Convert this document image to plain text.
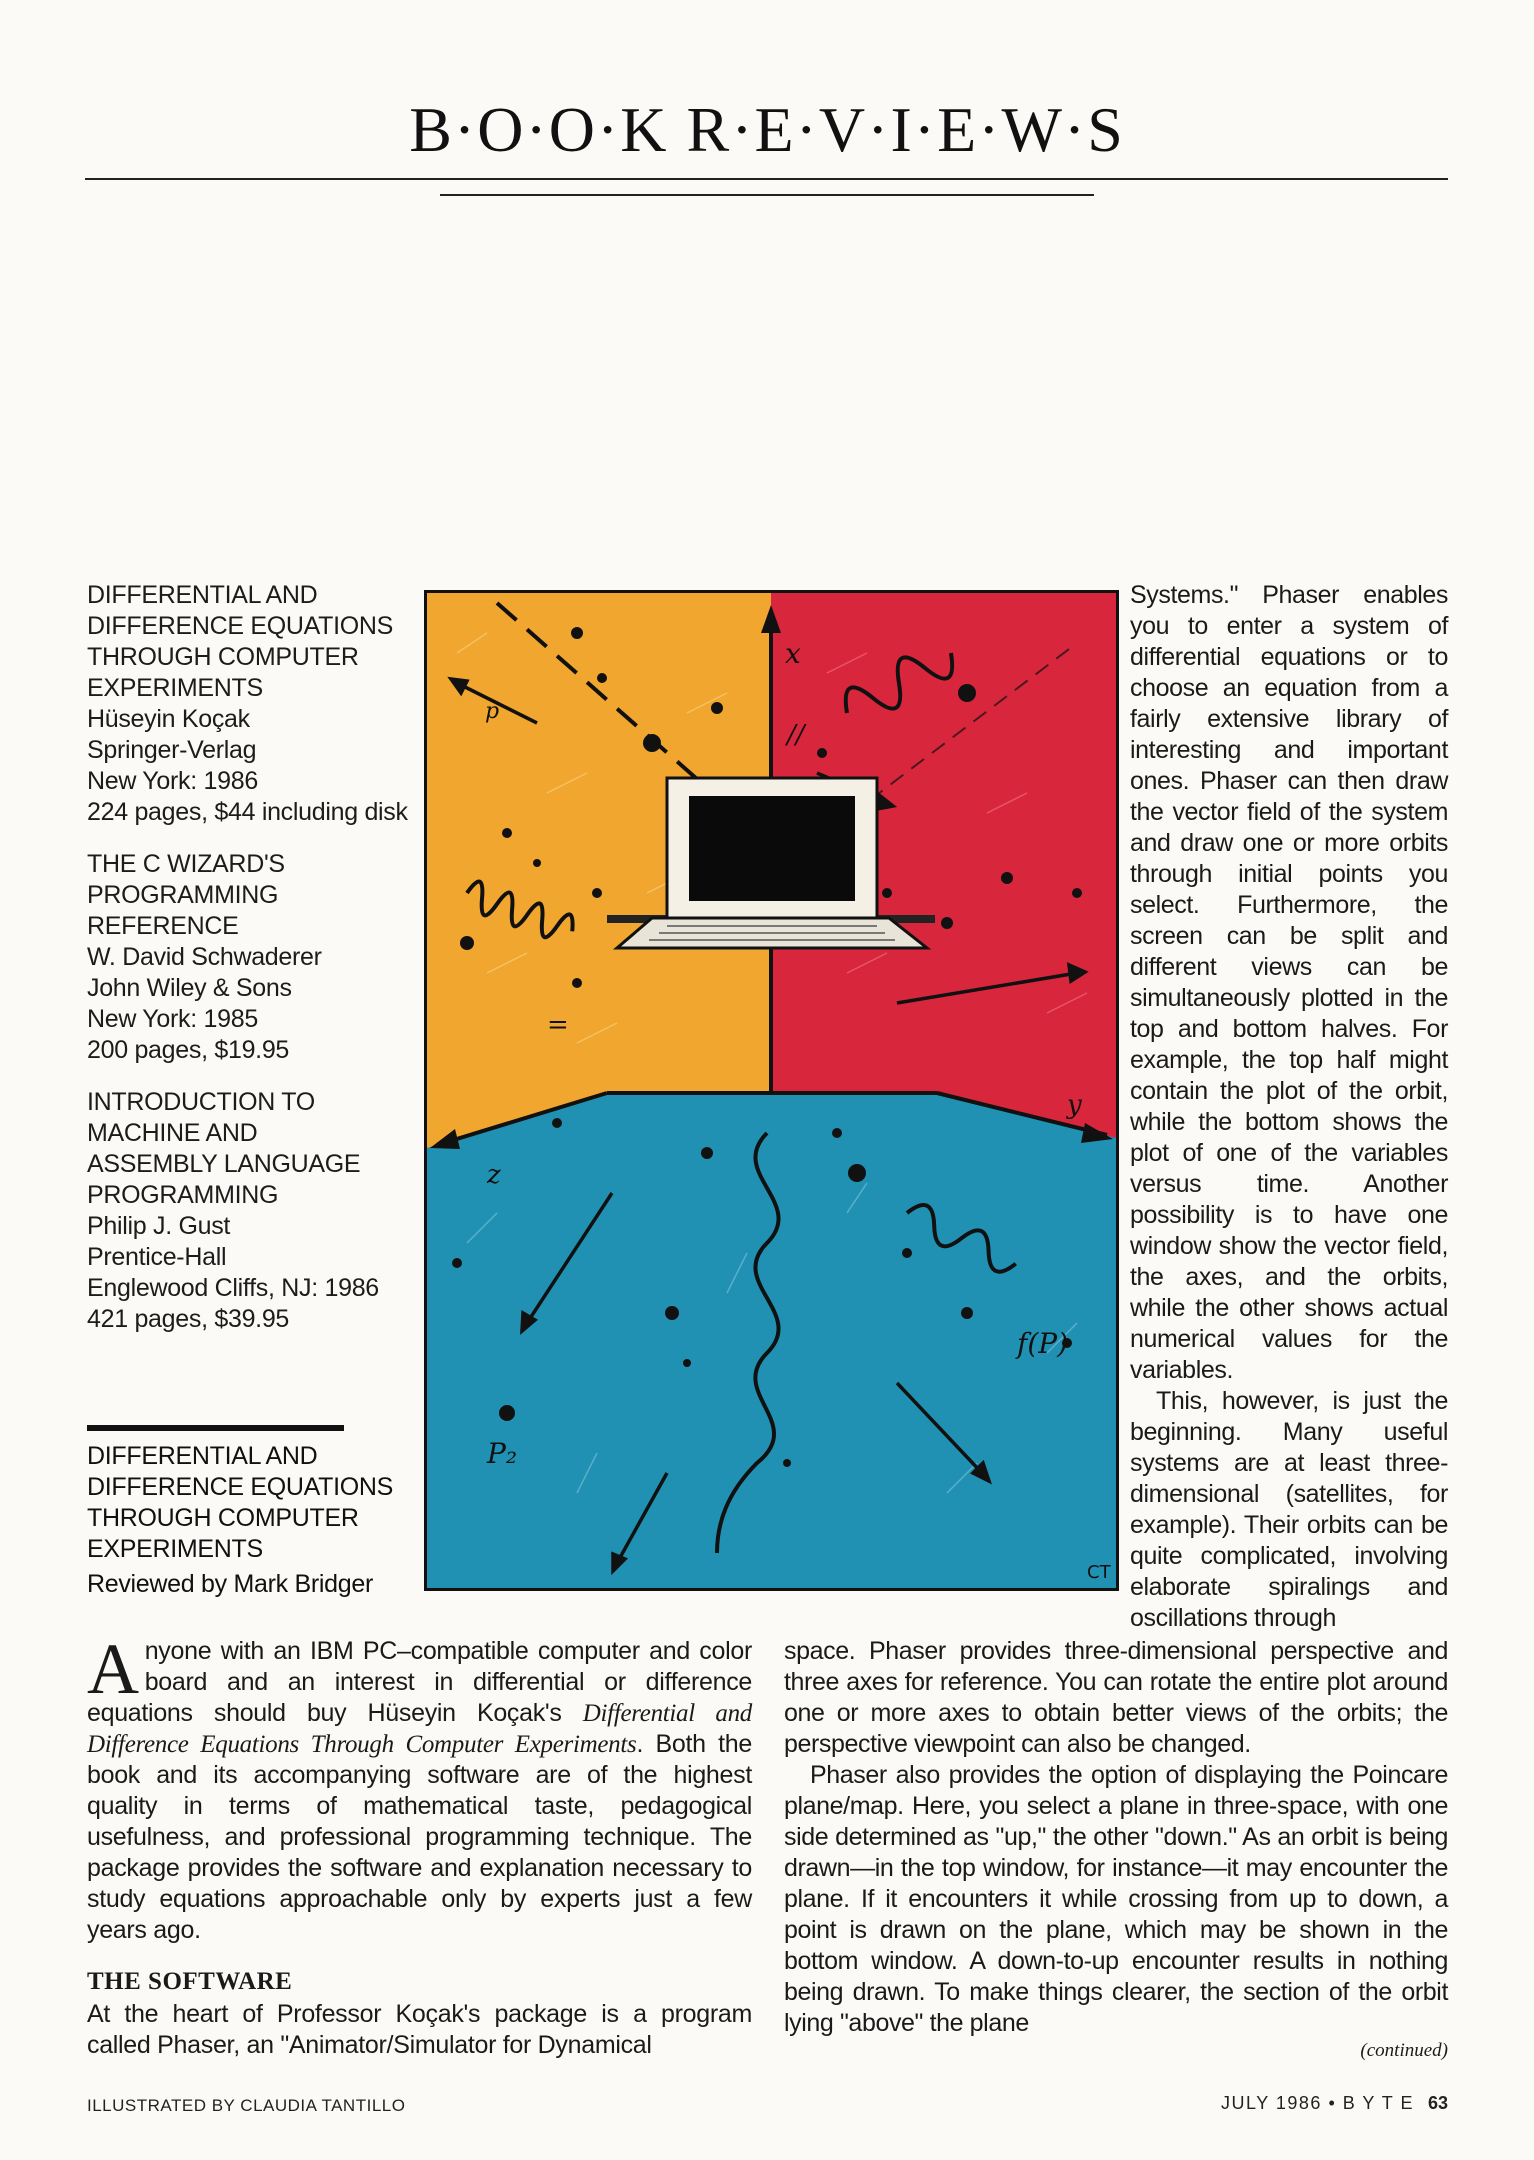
B·O·O·K R·E·V·I·E·W·S
DIFFERENTIAL AND
DIFFERENCE EQUATIONS
THROUGH COMPUTER
EXPERIMENTS
Hüseyin Koçak
Springer-Verlag
New York: 1986
224 pages, $44 including disk
THE C WIZARD'S
PROGRAMMING
REFERENCE
W. David Schwaderer
John Wiley & Sons
New York: 1985
200 pages, $19.95
INTRODUCTION TO
MACHINE AND
ASSEMBLY LANGUAGE
PROGRAMMING
Philip J. Gust
Prentice-Hall
Englewood Cliffs, NJ: 1986
421 pages, $39.95
DIFFERENTIAL AND
DIFFERENCE EQUATIONS
THROUGH COMPUTER
EXPERIMENTS
Reviewed by Mark Bridger
x
//
p
=
y
z
f(P)
P₂
CT

Systems." Phaser enables you to enter a system of differential equations or to choose an equation from a fairly extensive library of interesting and important ones. Phaser can then draw the vector field of the system and draw one or more orbits through initial points you select. Furthermore, the screen can be split and different views can be simultaneously plotted in the top and bottom halves. For example, the top half might contain the plot of the orbit, while the bottom shows the plot of one of the variables versus time. Another possibility is to have one window show the vector field, the axes, and the orbits, while the other shows actual numerical values for the variables.

This, however, is just the beginning. Many useful systems are at least three-dimensional (satellites, for example). Their orbits can be quite complicated, involving elaborate spiralings and oscillations through

Anyone with an IBM PC–compatible computer and color board and an interest in differential or difference equations should buy Hüseyin Koçak's Differential and Difference Equations Through Computer Experiments. Both the book and its accompanying software are of the highest quality in terms of mathematical taste, pedagogical usefulness, and professional programming technique. The package provides the software and explanation necessary to study equations approachable only by experts just a few years ago.

THE SOFTWARE

At the heart of Professor Koçak's package is a program called Phaser, an "Animator/Simulator for Dynamical

space. Phaser provides three-dimensional perspective and three axes for reference. You can rotate the entire plot around one or more axes to obtain better views of the orbits; the perspective viewpoint can also be changed.

Phaser also provides the option of displaying the Poincare plane/map. Here, you select a plane in three-space, with one side determined as "up," the other "down." As an orbit is being drawn—in the top window, for instance—it may encounter the plane. If it encounters it while crossing from up to down, a point is drawn on the plane, which may be shown in the bottom window. A down-to-up encounter results in nothing being drawn. To make things clearer, the section of the orbit lying "above" the plane

(continued)
ILLUSTRATED BY CLAUDIA TANTILLO	JULY 1986 • B Y T E 63
